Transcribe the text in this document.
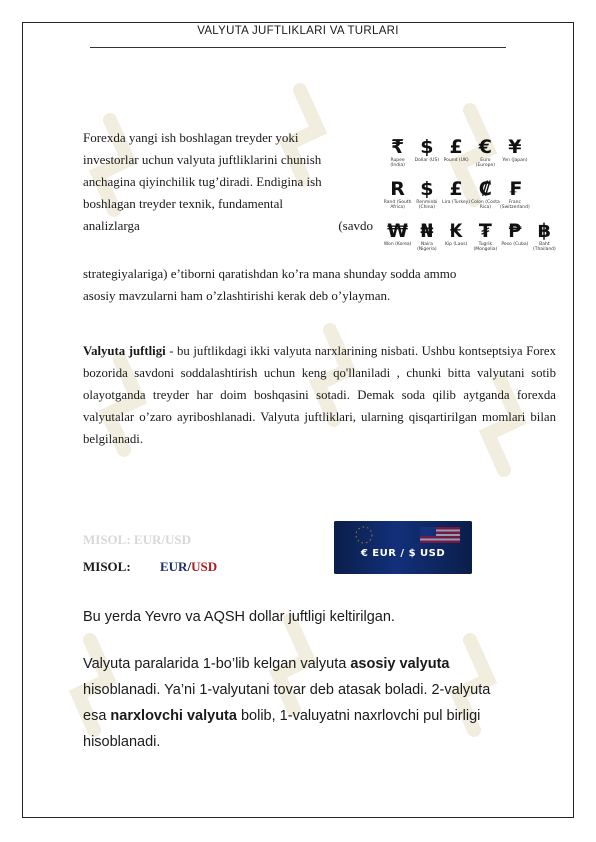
VALYUTA JUFTLIKLARI VA TURLARI
Forexda yangi ish boshlagan treyder yoki
investorlar uchun valyuta juftliklarini chunish
anchagina qiyinchilik tug’diradi. Endigina ish
boshlagan treyder texnik, fundamental
analizlarga	(savdo
₹
Rupee (India)
$
Dollar (US)
£
Pound (UK)
€
Euro (Europe)
¥
Yen (Japan)
R
Rand (South Africa)
$
Renminbi (China)
£
Lira (Turkey)
₡
Colon (Costa Rica)
₣
Franc (Switzerland)
₩
Won (Korea)
₦
Naira (Nigeria)
₭
Kip (Laos)
₮
Tugrik (Mongolia)
₱
Peso (Cuba)
฿
Baht (Thailand)
strategiyalariga) e’tiborni qaratishdan ko’ra mana shunday sodda ammo
asosiy mavzularni ham o’zlashtirishi kerak deb o’ylayman.
Valyuta juftligi - bu juftlikdagi ikki valyuta narxlarining nisbati. Ushbu kontseptsiya Forex bozorida savdoni soddalashtirish uchun keng qo'llaniladi , chunki bitta valyutani sotib olayotganda treyder har doim boshqasini sotadi. Demak soda qilib aytganda forexda valyutalar o’zaro ayriboshlanadi. Valyuta juftliklari, ularning qisqartirilgan momlari bilan belgilanadi.
MISOL: EUR/USD
MISOL: EUR/USD
€ EUR / $ USD
Bu yerda Yevro va AQSH dollar juftligi keltirilgan.
Valyuta paralarida 1-bo’lib kelgan valyuta asosiy valyuta
hisoblanadi. Ya’ni 1-valyutani tovar deb atasak boladi. 2-valyuta
esa narxlovchi valyuta bolib, 1-valuyatni naxrlovchi pul birligi
hisoblanadi.
